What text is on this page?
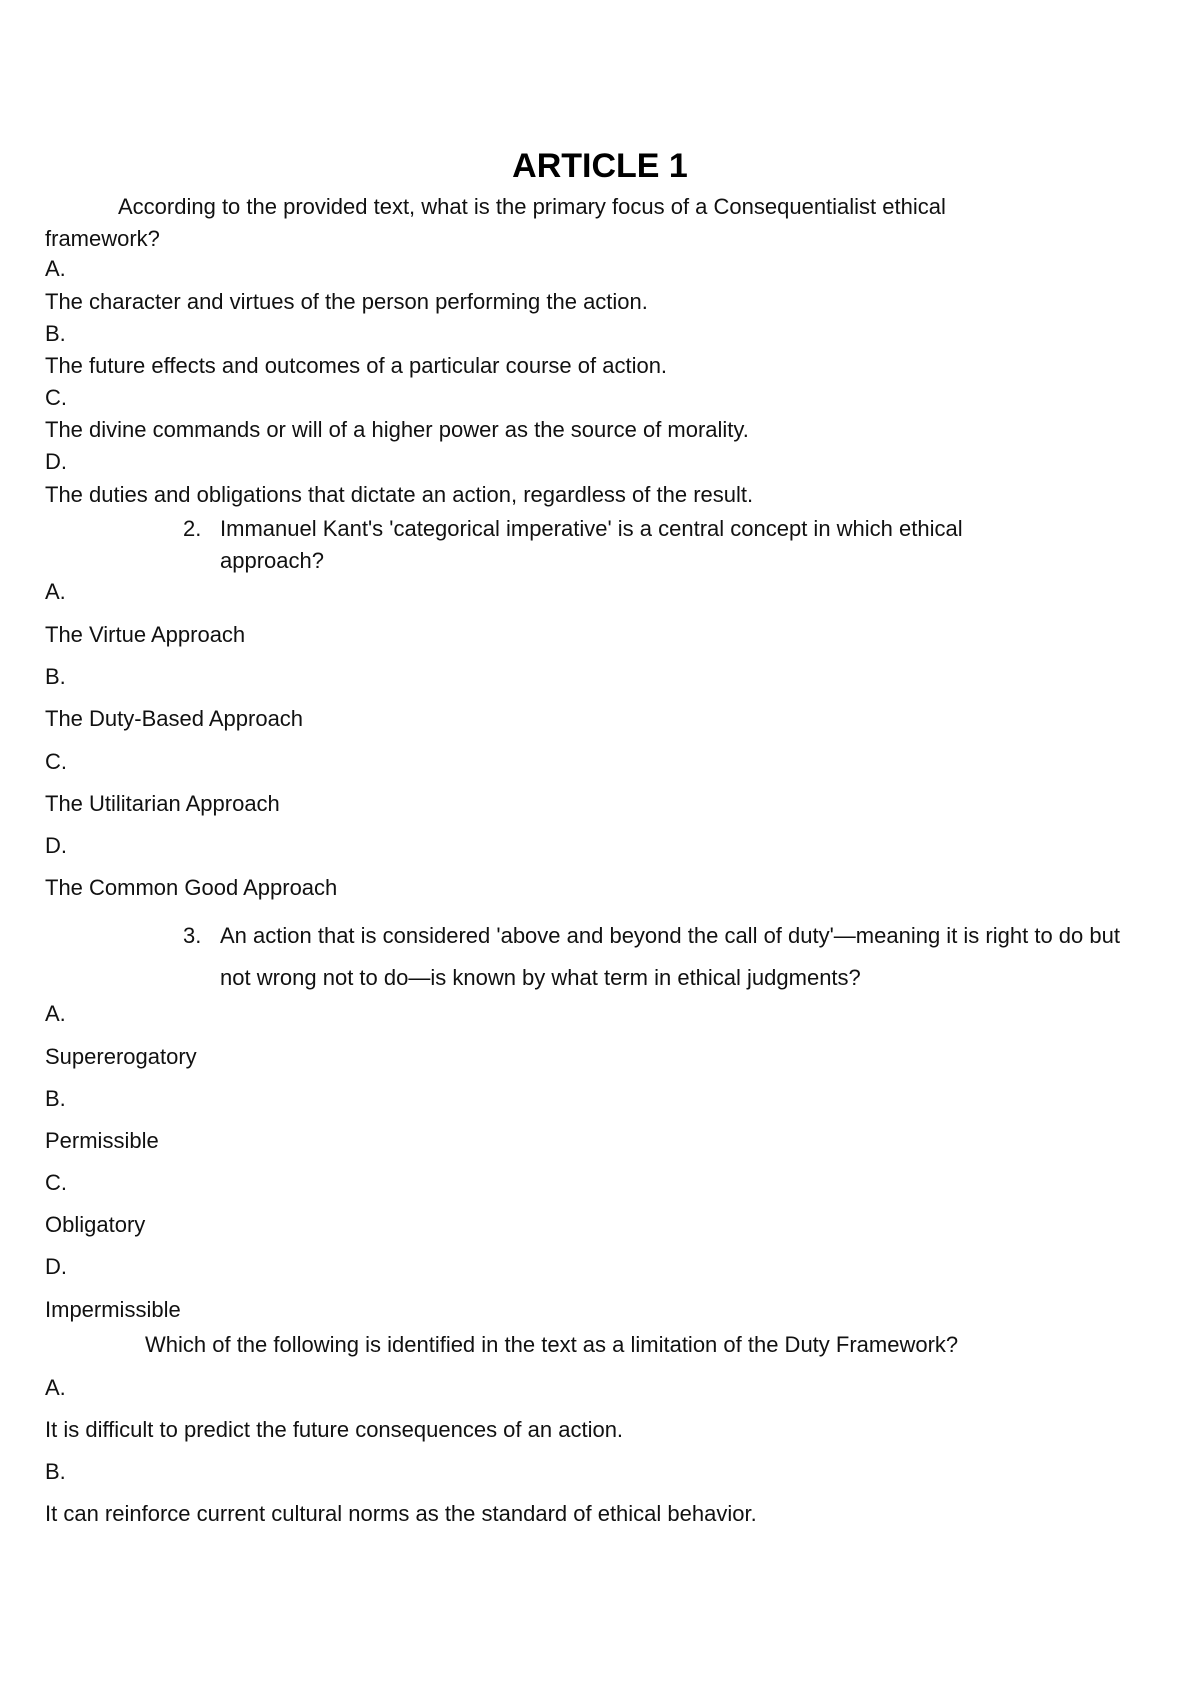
ARTICLE 1

According to the provided text, what is the primary focus of a Consequentialist ethical framework?

A.

The character and virtues of the person performing the action.

B.

The future effects and outcomes of a particular course of action.

C.

The divine commands or will of a higher power as the source of morality.

D.

The duties and obligations that dictate an action, regardless of the result.

2. Immanuel Kant's 'categorical imperative' is a central concept in which ethical approach?

A.

The Virtue Approach

B.

The Duty-Based Approach

C.

The Utilitarian Approach

D.

The Common Good Approach

3. An action that is considered 'above and beyond the call of duty'—meaning it is right to do but not wrong not to do—is known by what term in ethical judgments?

A.

Supererogatory

B.

Permissible

C.

Obligatory

D.

Impermissible

Which of the following is identified in the text as a limitation of the Duty Framework?

A.

It is difficult to predict the future consequences of an action.

B.

It can reinforce current cultural norms as the standard of ethical behavior.
